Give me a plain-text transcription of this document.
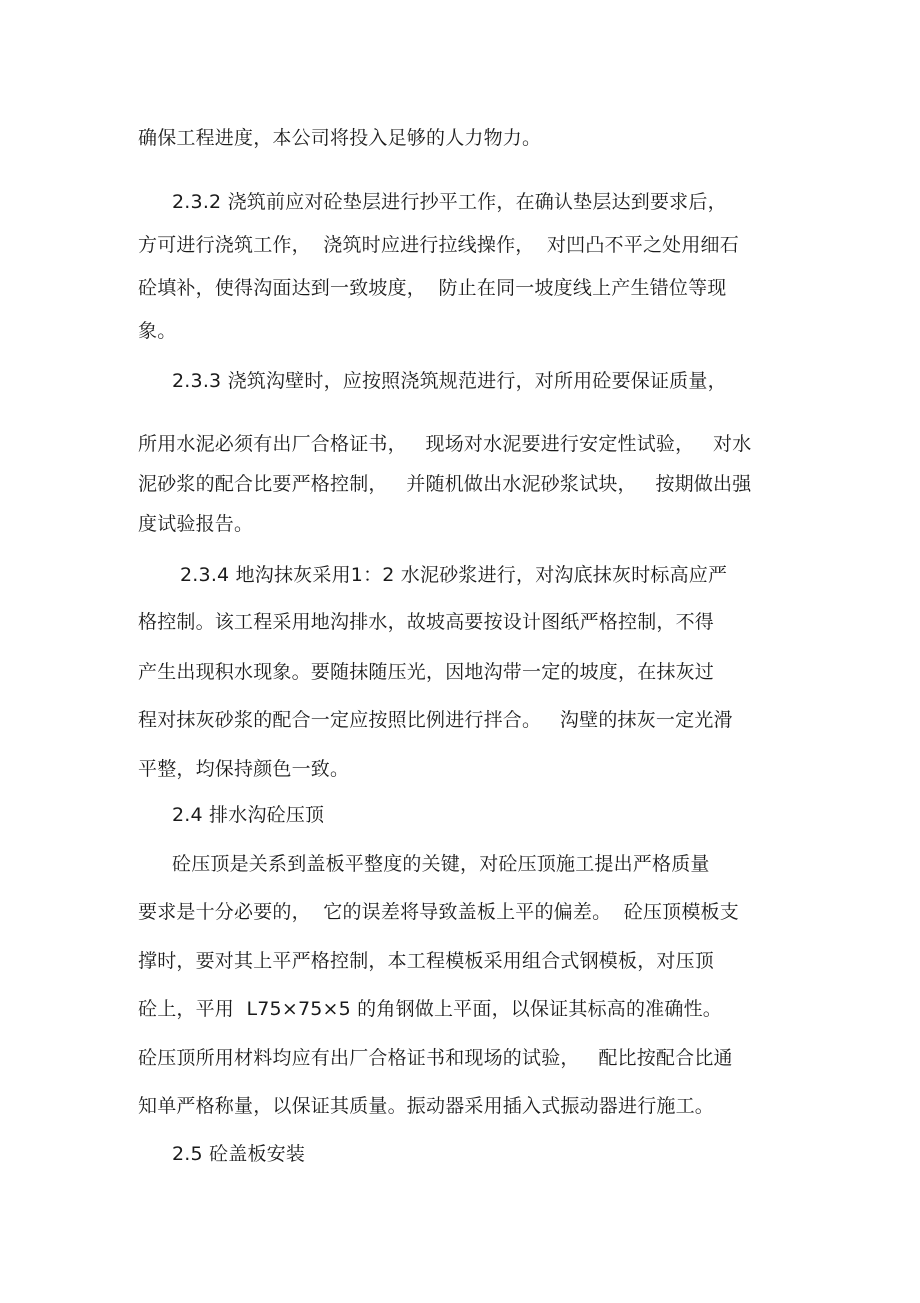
确保工程进度，本公司将投入足够的人力物力。

2.3.2 浇筑前应对砼垫层进行抄平工作，在确认垫层达到要求后，

方可进行浇筑工作，  浇筑时应进行拉线操作，  对凹凸不平之处用细石

砼填补，使得沟面达到一致坡度，  防止在同一坡度线上产生错位等现

象。

2.3.3 浇筑沟壁时，应按照浇筑规范进行，对所用砼要保证质量，

所用水泥必须有出厂合格证书，   现场对水泥要进行安定性试验，   对水

泥砂浆的配合比要严格控制，   并随机做出水泥砂浆试块，   按期做出强

度试验报告。

2.3.4 地沟抹灰采用1：2 水泥砂浆进行，对沟底抹灰时标高应严

格控制。该工程采用地沟排水，故坡高要按设计图纸严格控制，不得

产生出现积水现象。要随抹随压光，因地沟带一定的坡度，在抹灰过

程对抹灰砂浆的配合一定应按照比例进行拌合。   沟壁的抹灰一定光滑

平整，均保持颜色一致。

2.4 排水沟砼压顶

砼压顶是关系到盖板平整度的关键，对砼压顶施工提出严格质量

要求是十分必要的，  它的误差将导致盖板上平的偏差。  砼压顶模板支

撑时，要对其上平严格控制，本工程模板采用组合式钢模板，对压顶

砼上，平用  L75×75×5 的角钢做上平面，以保证其标高的准确性。

砼压顶所用材料均应有出厂合格证书和现场的试验，   配比按配合比通

知单严格称量，以保证其质量。振动器采用插入式振动器进行施工。

2.5 砼盖板安装
